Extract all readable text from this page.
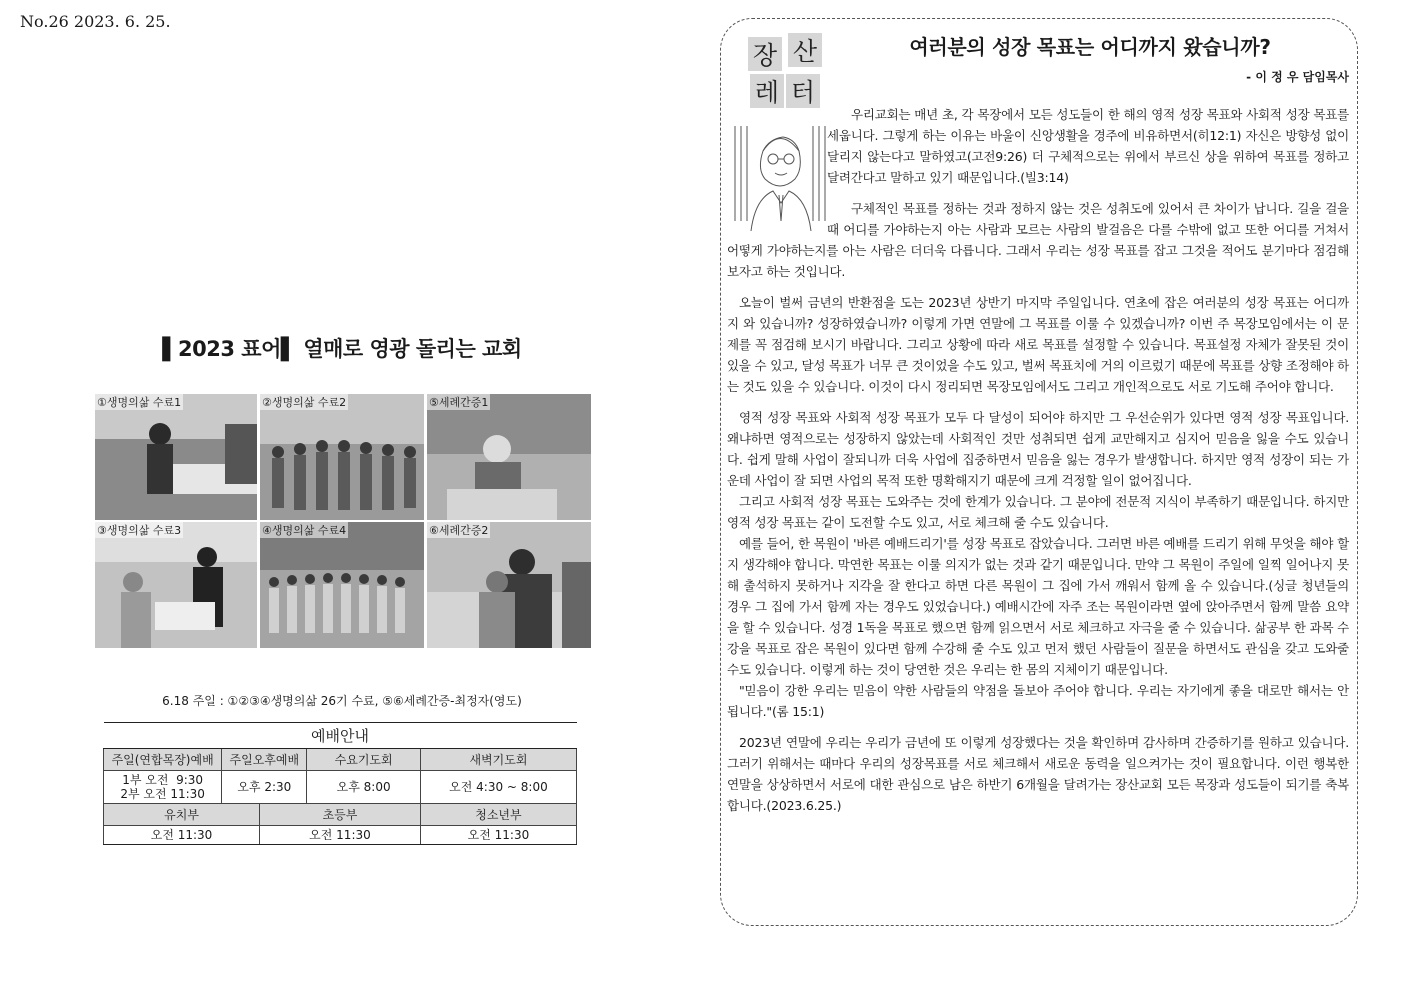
No.26 2023. 6. 25.
▌2023 표어▌ 열매로 영광 돌리는 교회
①생명의삶 수료1	②생명의삶 수료2	⑤세례간증1
③생명의삶 수료3	④생명의삶 수료4	⑥세례간증2
6.18 주일 : ①②③④생명의삶 26기 수료, ⑤⑥세례간증-최정자(영도)
예배안내				
주일(연합목장)예배	주일오후예배		수요기도회	새벽기도회
1부 오전  9:30
2부 오전 11:30	오후 2:30		오후 8:00	오전 4:30 ~ 8:00
유치부		초등부		청소년부
오전 11:30		오전 11:30		오전 11:30
장 산
레 터
여러분의 성장 목표는 어디까지 왔습니까?
- 이 정 우 담임목사

우리교회는 매년 초, 각 목장에서 모든 성도들이 한 해의 영적 성장 목표와 사회적 성장 목표를 세웁니다. 그렇게 하는 이유는 바울이 신앙생활을 경주에 비유하면서(히12:1) 자신은 방향성 없이 달리지 않는다고 말하였고(고전9:26) 더 구체적으로는 위에서 부르신 상을 위하여 목표를 정하고 달려간다고 말하고 있기 때문입니다.(빌3:14)

구체적인 목표를 정하는 것과 정하지 않는 것은 성취도에 있어서 큰 차이가 납니다. 길을 걸을 때 어디를 가야하는지 아는 사람과 모르는 사람의 발걸음은 다를 수밖에 없고 또한 어디를 거쳐서 어떻게 가야하는지를 아는 사람은 더더욱 다릅니다. 그래서 우리는 성장 목표를 잡고 그것을 적어도 분기마다 점검해 보자고 하는 것입니다.

오늘이 벌써 금년의 반환점을 도는 2023년 상반기 마지막 주일입니다. 연초에 잡은 여러분의 성장 목표는 어디까지 와 있습니까? 성장하였습니까? 이렇게 가면 연말에 그 목표를 이룰 수 있겠습니까? 이번 주 목장모임에서는 이 문제를 꼭 점검해 보시기 바랍니다. 그리고 상황에 따라 새로 목표를 설정할 수 있습니다. 목표설정 자체가 잘못된 것이 있을 수 있고, 달성 목표가 너무 큰 것이었을 수도 있고, 벌써 목표치에 거의 이르렀기 때문에 목표를 상향 조정해야 하는 것도 있을 수 있습니다. 이것이 다시 정리되면 목장모임에서도 그리고 개인적으로도 서로 기도해 주어야 합니다.

영적 성장 목표와 사회적 성장 목표가 모두 다 달성이 되어야 하지만 그 우선순위가 있다면 영적 성장 목표입니다. 왜냐하면 영적으로는 성장하지 않았는데 사회적인 것만 성취되면 쉽게 교만해지고 심지어 믿음을 잃을 수도 있습니다. 쉽게 말해 사업이 잘되니까 더욱 사업에 집중하면서 믿음을 잃는 경우가 발생합니다. 하지만 영적 성장이 되는 가운데 사업이 잘 되면 사업의 목적 또한 명확해지기 때문에 크게 걱정할 일이 없어집니다.

그리고 사회적 성장 목표는 도와주는 것에 한계가 있습니다. 그 분야에 전문적 지식이 부족하기 때문입니다. 하지만 영적 성장 목표는 같이 도전할 수도 있고, 서로 체크해 줄 수도 있습니다.

예를 들어, 한 목원이 '바른 예배드리기'를 성장 목표로 잡았습니다. 그러면 바른 예배를 드리기 위해 무엇을 해야 할지 생각해야 합니다. 막연한 목표는 이룰 의지가 없는 것과 같기 때문입니다. 만약 그 목원이 주일에 일찍 일어나지 못해 출석하지 못하거나 지각을 잘 한다고 하면 다른 목원이 그 집에 가서 깨워서 함께 올 수 있습니다.(싱글 청년들의 경우 그 집에 가서 함께 자는 경우도 있었습니다.) 예배시간에 자주 조는 목원이라면 옆에 앉아주면서 함께 말씀 요약을 할 수 있습니다. 성경 1독을 목표로 했으면 함께 읽으면서 서로 체크하고 자극을 줄 수 있습니다. 삶공부 한 과목 수강을 목표로 잡은 목원이 있다면 함께 수강해 줄 수도 있고 먼저 했던 사람들이 질문을 하면서도 관심을 갖고 도와줄 수도 있습니다. 이렇게 하는 것이 당연한 것은 우리는 한 몸의 지체이기 때문입니다.

"믿음이 강한 우리는 믿음이 약한 사람들의 약점을 돌보아 주어야 합니다. 우리는 자기에게 좋을 대로만 해서는 안 됩니다."(롬 15:1)

2023년 연말에 우리는 우리가 금년에 또 이렇게 성장했다는 것을 확인하며 감사하며 간증하기를 원하고 있습니다. 그러기 위해서는 때마다 우리의 성장목표를 서로 체크해서 새로운 동력을 일으켜가는 것이 필요합니다. 이런 행복한 연말을 상상하면서 서로에 대한 관심으로 남은 하반기 6개월을 달려가는 장산교회 모든 목장과 성도들이 되기를 축복합니다.(2023.6.25.)
